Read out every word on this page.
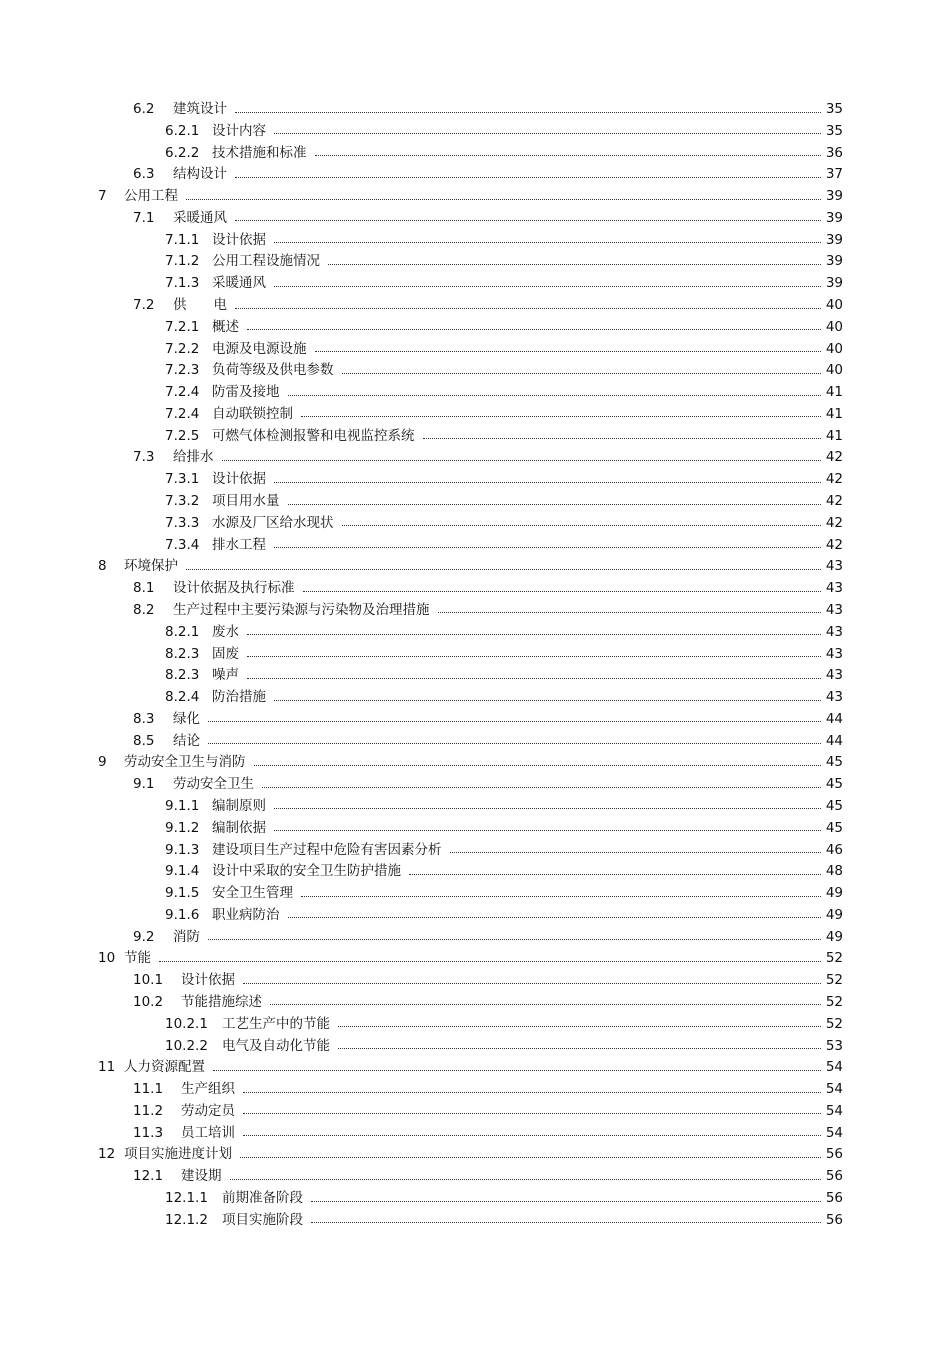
6.2	建筑设计	35
6.2.1 设计内容	35
6.2.2 技术措施和标准	36
6.3	结构设计	37
7	公用工程	39
7.1	采暖通风	39
7.1.1 设计依据	39
7.1.2 公用工程设施情况	39
7.1.3 采暖通风	39
7.2	供　　电	40
7.2.1 概述	40
7.2.2 电源及电源设施	40
7.2.3 负荷等级及供电参数	40
7.2.4 防雷及接地	41
7.2.4 自动联锁控制	41
7.2.5 可燃气体检测报警和电视监控系统	41
7.3	给排水	42
7.3.1 设计依据	42
7.3.2 项目用水量	42
7.3.3 水源及厂区给水现状	42
7.3.4 排水工程	42
8	环境保护	43
8.1	设计依据及执行标准	43
8.2	生产过程中主要污染源与污染物及治理措施	43
8.2.1 废水	43
8.2.3 固废	43
8.2.3 噪声	43
8.2.4 防治措施	43
8.3	绿化	44
8.5	结论	44
9	劳动安全卫生与消防	45
9.1	劳动安全卫生	45
9.1.1 编制原则	45
9.1.2 编制依据	45
9.1.3 建设项目生产过程中危险有害因素分析	46
9.1.4 设计中采取的安全卫生防护措施	48
9.1.5 安全卫生管理	49
9.1.6 职业病防治	49
9.2	消防	49
10 节能	52
10.1	设计依据	52
10.2	节能措施综述	52
10.2.1	工艺生产中的节能	52
10.2.2	电气及自动化节能	53
11 人力资源配置	54
11.1	生产组织	54
11.2	劳动定员	54
11.3	员工培训	54
12 项目实施进度计划	56
12.1	建设期	56
12.1.1	前期准备阶段	56
12.1.2	项目实施阶段	56
